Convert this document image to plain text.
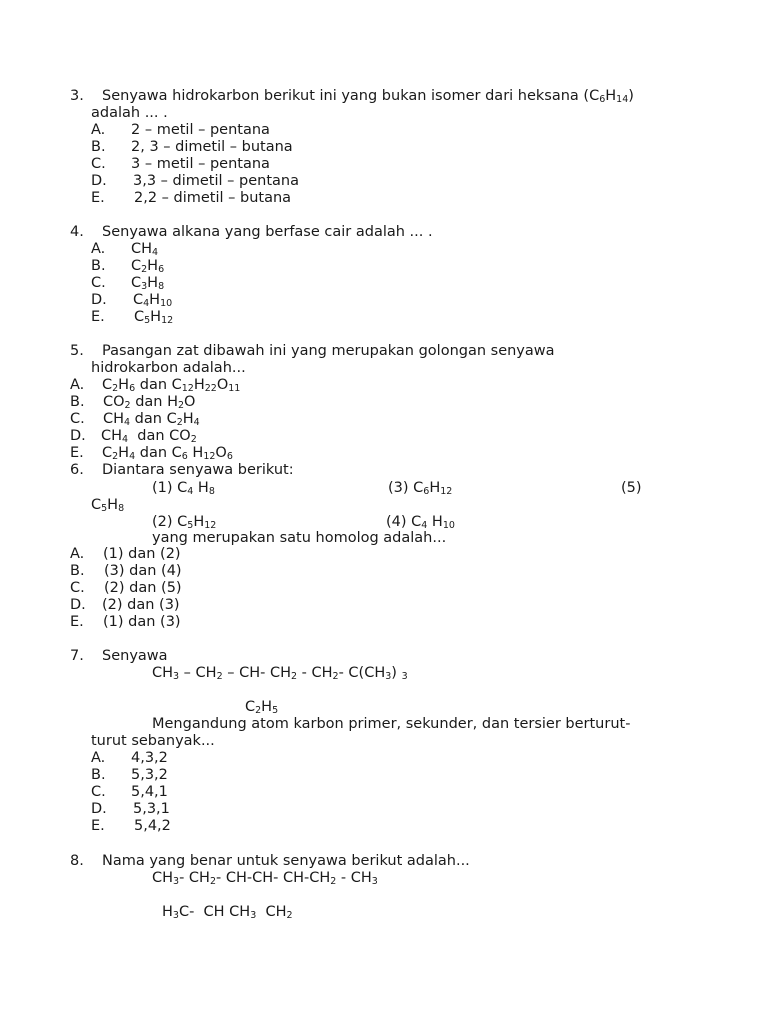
3. Senyawa hidrokarbon berikut ini yang bukan isomer dari heksana $(C_6H_{14})$
adalah ... .
A. 2 – metil – pentana
B. 2, 3 – dimetil – butana
C. 3 – metil – pentana
D. 3,3 – dimetil – pentana
E. 2,2 – dimetil – butana
4. Senyawa alkana yang berfase cair adalah ... .
A. $CH_4$
B. $C_2H_6$
C. $C_3H_8$
D. $C_4H_{10}$
E. $C_5H_{12}$
5. Pasangan zat dibawah ini yang merupakan golongan senyawa
hidrokarbon adalah...
A. $C_2H_6$ dan $C_{12}H_{22}O_{11}$
B. $CO_2$ dan $H_2O$
C. $CH_4$ dan $C_2H_4$
D. $CH_4$  dan $CO_2$
E. $C_2H_4$ dan $C_6$ $H_{12}O_6$
6. Diantara senyawa berikut:
(1) $C_4$ $H_8$	(3) $C_6H_{12}$	(5)
$C_5H_8$
(2) $C_5H_{12}$	(4) $C_4$ $H_{10}$
yang merupakan satu homolog adalah...
A. (1) dan (2)
B. (3) dan (4)
C. (2) dan (5)
D. (2) dan (3)
E. (1) dan (3)
7. Senyawa
$CH_3 - CH_2 - CH-$ $CH_2 - CH_2-$ $C(CH_3)$ $_3$
$C_2H_5$
Mengandung atom karbon primer, sekunder, dan tersier berturut-
turut sebanyak...
A. 4,3,2
B. 5,3,2
C. 5,4,1
D. 5,3,1
E. 5,4,2
8. Nama yang benar untuk senyawa berikut adalah...
$CH_3-$ $CH_2-$ CH-CH- $CH-CH_2 - CH_3$
$H_3C-$  CH $CH_3$  $CH_2$
